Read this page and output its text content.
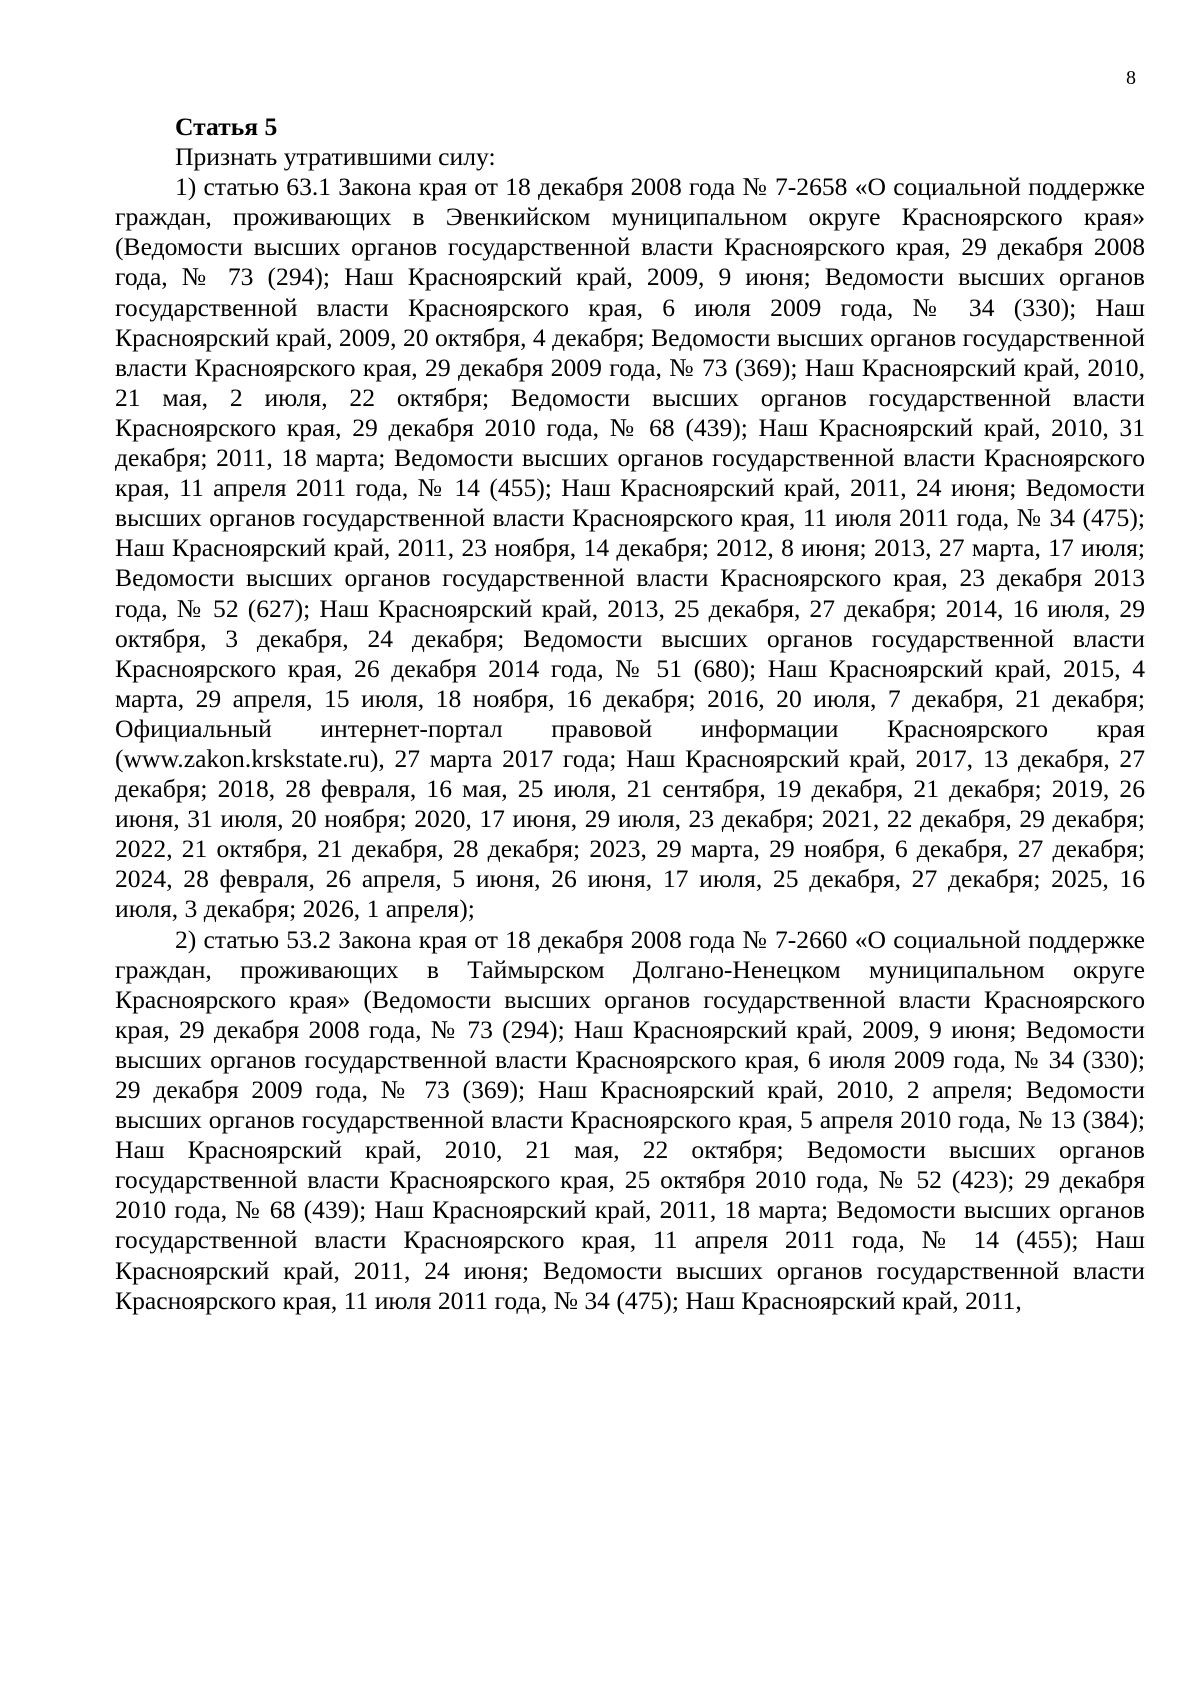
8

Статья 5

Признать утратившими силу:

1) статью 63.1 Закона края от 18 декабря 2008 года № 7-2658 «О социальной поддержке граждан, проживающих в Эвенкийском муниципальном округе Красноярского края» (Ведомости высших органов государственной власти Красноярского края, 29 декабря 2008 года, № 73 (294); Наш Красноярский край, 2009, 9 июня; Ведомости высших органов государственной власти Красноярского края, 6 июля 2009 года, № 34 (330); Наш Красноярский край, 2009, 20 октября, 4 декабря; Ведомости высших органов государственной власти Красноярского края, 29 декабря 2009 года, № 73 (369); Наш Красноярский край, 2010, 21 мая, 2 июля, 22 октября; Ведомости высших органов государственной власти Красноярского края, 29 декабря 2010 года, № 68 (439); Наш Красноярский край, 2010, 31 декабря; 2011, 18 марта; Ведомости высших органов государственной власти Красноярского края, 11 апреля 2011 года, № 14 (455); Наш Красноярский край, 2011, 24 июня; Ведомости высших органов государственной власти Красноярского края, 11 июля 2011 года, № 34 (475); Наш Красноярский край, 2011, 23 ноября, 14 декабря; 2012, 8 июня; 2013, 27 марта, 17 июля; Ведомости высших органов государственной власти Красноярского края, 23 декабря 2013 года, № 52 (627); Наш Красноярский край, 2013, 25 декабря, 27 декабря; 2014, 16 июля, 29 октября, 3 декабря, 24 декабря; Ведомости высших органов государственной власти Красноярского края, 26 декабря 2014 года, № 51 (680); Наш Красноярский край, 2015, 4 марта, 29 апреля, 15 июля, 18 ноября, 16 декабря; 2016, 20 июля, 7 декабря, 21 декабря; Официальный интернет-портал правовой информации Красноярского края (www.zakon.krskstate.ru), 27 марта 2017 года; Наш Красноярский край, 2017, 13 декабря, 27 декабря; 2018, 28 февраля, 16 мая, 25 июля, 21 сентября, 19 декабря, 21 декабря; 2019, 26 июня, 31 июля, 20 ноября; 2020, 17 июня, 29 июля, 23 декабря; 2021, 22 декабря, 29 декабря; 2022, 21 октября, 21 декабря, 28 декабря; 2023, 29 марта, 29 ноября, 6 декабря, 27 декабря; 2024, 28 февраля, 26 апреля, 5 июня, 26 июня, 17 июля, 25 декабря, 27 декабря; 2025, 16 июля, 3 декабря; 2026, 1 апреля);

2) статью 53.2 Закона края от 18 декабря 2008 года № 7-2660 «О социальной поддержке граждан, проживающих в Таймырском Долгано-Ненецком муниципальном округе Красноярского края» (Ведомости высших органов государственной власти Красноярского края, 29 декабря 2008 года, № 73 (294); Наш Красноярский край, 2009, 9 июня; Ведомости высших органов государственной власти Красноярского края, 6 июля 2009 года, № 34 (330); 29 декабря 2009 года, № 73 (369); Наш Красноярский край, 2010, 2 апреля; Ведомости высших органов государственной власти Красноярского края, 5 апреля 2010 года, № 13 (384); Наш Красноярский край, 2010, 21 мая, 22 октября; Ведомости высших органов государственной власти Красноярского края, 25 октября 2010 года, № 52 (423); 29 декабря 2010 года, № 68 (439); Наш Красноярский край, 2011, 18 марта; Ведомости высших органов государственной власти Красноярского края, 11 апреля 2011 года, № 14 (455); Наш Красноярский край, 2011, 24 июня; Ведомости высших органов государственной власти Красноярского края, 11 июля 2011 года, № 34 (475); Наш Красноярский край, 2011,
